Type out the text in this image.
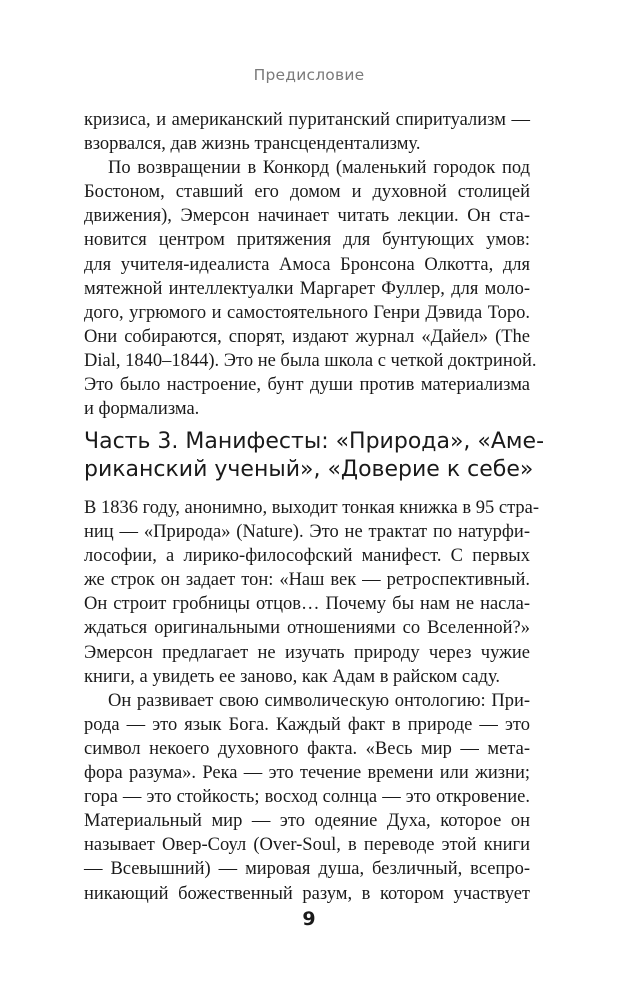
Предисловие
кризиса, и американский пуританский спиритуализм —
взорвался, дав жизнь трансцендентализму.
По возвращении в Конкорд (маленький городок под
Бостоном, ставший его домом и духовной столицей
движения), Эмерсон начинает читать лекции. Он ста-
новится центром притяжения для бунтующих умов:
для учителя-идеалиста Амоса Бронсона Олкотта, для
мятежной интеллектуалки Маргарет Фуллер, для моло-
дого, угрюмого и самостоятельного Генри Дэвида Торо.
Они собираются, спорят, издают журнал «Дайел» (The
Dial, 1840–1844). Это не была школа с четкой доктриной.
Это было настроение, бунт души против материализма
и формализма.
Часть 3. Манифесты: «Природа», «Аме-
риканский ученый», «Доверие к себе»
В 1836 году, анонимно, выходит тонкая книжка в 95 стра-
ниц — «Природа» (Nature). Это не трактат по натурфи-
лософии, а лирико-философский манифест. С первых
же строк он задает тон: «Наш век — ретроспективный.
Он строит гробницы отцов… Почему бы нам не насла-
ждаться оригинальными отношениями со Вселенной?»
Эмерсон предлагает не изучать природу через чужие
книги, а увидеть ее заново, как Адам в райском саду.
Он развивает свою символическую онтологию: При-
рода — это язык Бога. Каждый факт в природе — это
символ некоего духовного факта. «Весь мир — мета-
фора разума». Река — это течение времени или жизни;
гора — это стойкость; восход солнца — это откровение.
Материальный мир — это одеяние Духа, которое он
называет Овер-Соул (Over-Soul, в переводе этой книги
— Всевышний) — мировая душа, безличный, всепро-
никающий божественный разум, в котором участвует
9
